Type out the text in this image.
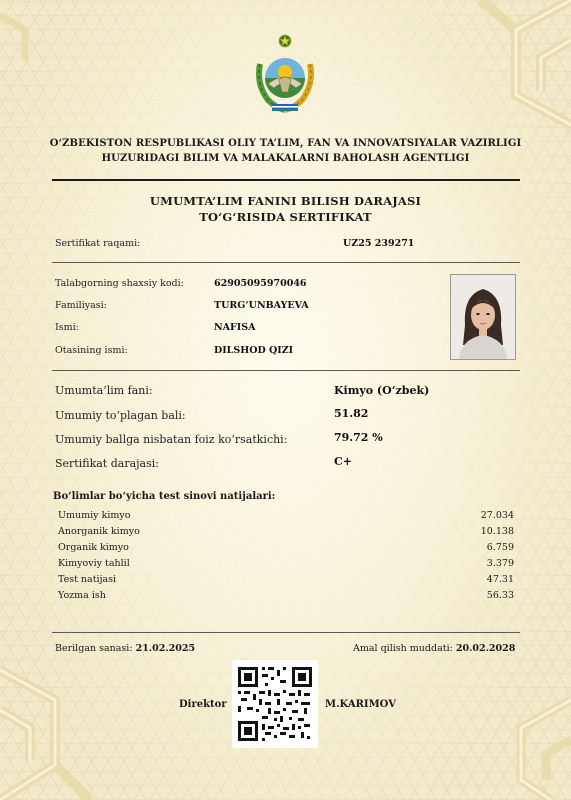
O‘ZBEKISTON RESPUBLIKASI OLIY TA’LIM, FAN VA INNOVATSIYALAR VAZIRLIGI
HUZURIDAGI BILIM VA MALAKALARNI BAHOLASH AGENTLIGI
UMUMTA’LIM FANINI BILISH DARAJASI
TO‘G‘RISIDA SERTIFIKAT
Sertifikat raqami:	UZ25 239271
Talabgorning shaxsiy kodi:	62905095970046
Familiyasi:	TURG‘UNBAYEVA
Ismi:	NAFISA
Otasining ismi:	DILSHOD QIZI
Umumta’lim fani:	Kimyo (O‘zbek)
Umumiy to‘plagan bali:	51.82
Umumiy ballga nisbatan foiz ko‘rsatkichi:	79.72 %
Sertifikat darajasi:	C+
Bo‘limlar bo‘yicha test sinovi natijalari:
Umumiy kimyo	27.034
Anorganik kimyo	10.138
Organik kimyo	6.759
Kimyoviy tahlil	3.379
Test natijasi	47.31
Yozma ish	56.33
Berilgan sanasi: 21.02.2025	Amal qilish muddati: 20.02.2028
Direktor	M.KARIMOV
